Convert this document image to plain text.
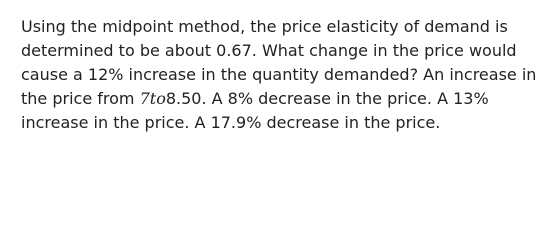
Using the midpoint method, the price elasticity of demand is determined to be about 0.67. What change in the price would cause a 12% increase in the quantity demanded? An increase in the price from 7to8.50. A 8% decrease in the price. A 13% increase in the price. A 17.9% decrease in the price.
